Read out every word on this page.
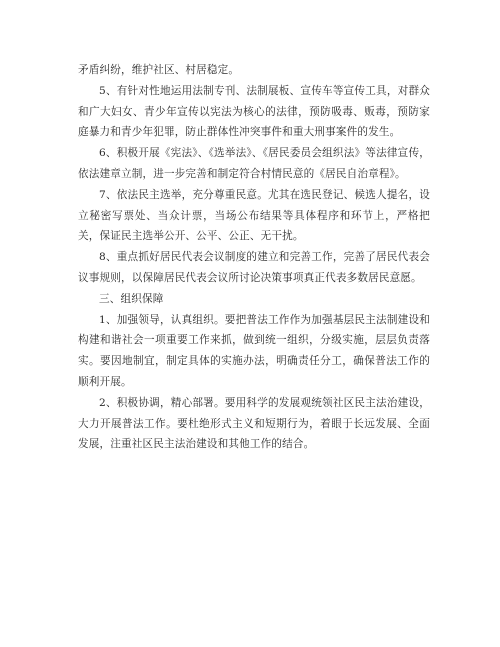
矛盾纠纷，维护社区、村居稳定。

5、有针对性地运用法制专刊、法制展板、宣传车等宣传工具，对群众和广大妇女、青少年宣传以宪法为核心的法律，预防吸毒、贩毒，预防家庭暴力和青少年犯罪，防止群体性冲突事件和重大刑事案件的发生。

6、积极开展《宪法》、《选举法》、《居民委员会组织法》等法律宣传，依法建章立制，进一步完善和制定符合村情民意的《居民自治章程》。

7、依法民主选举，充分尊重民意。尤其在选民登记、候选人提名，设立秘密写票处、当众计票，当场公布结果等具体程序和环节上，严格把关，保证民主选举公开、公平、公正、无干扰。

8、重点抓好居民代表会议制度的建立和完善工作，完善了居民代表会议事规则，以保障居民代表会议所讨论决策事项真正代表多数居民意愿。

三、组织保障

1、加强领导，认真组织。要把普法工作作为加强基层民主法制建设和构建和谐社会一项重要工作来抓，做到统一组织，分级实施，层层负责落实。要因地制宜，制定具体的实施办法，明确责任分工，确保普法工作的顺利开展。

2、积极协调，精心部署。要用科学的发展观统领社区民主法治建设，大力开展普法工作。要杜绝形式主义和短期行为，着眼于长远发展、全面发展，注重社区民主法治建设和其他工作的结合。
